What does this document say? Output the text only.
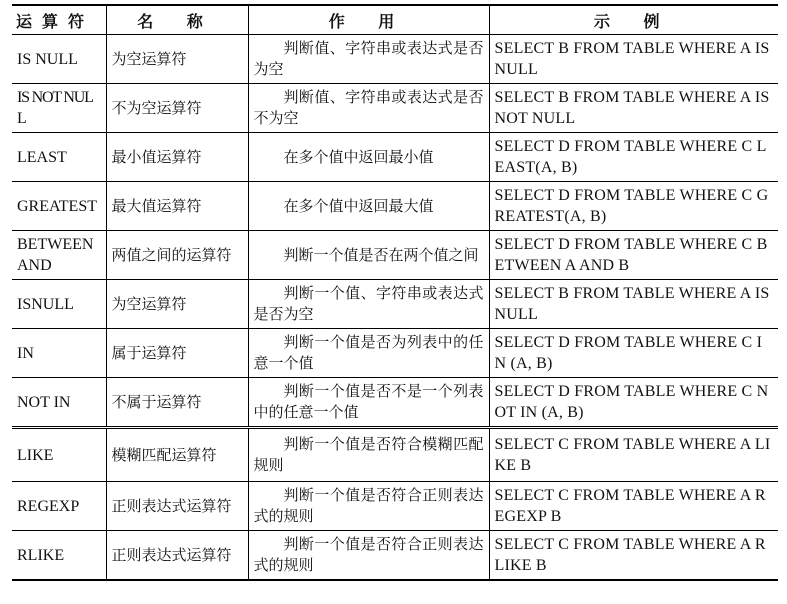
运算符	名 称	作 用	示 例
IS NULL	为空运算符	判断值、字符串或表达式是否为空	SELECT B FROM TABLE WHERE A IS NULL
IS NOT NULL	不为空运算符	判断值、字符串或表达式是否不为空	SELECT B FROM TABLE WHERE A IS NOT NULL
LEAST	最小值运算符	在多个值中返回最小值	SELECT D FROM TABLE WHERE C LEAST(A, B)
GREATEST	最大值运算符	在多个值中返回最大值	SELECT D FROM TABLE WHERE C GREATEST(A, B)
BETWEEN AND	两值之间的运算符	判断一个值是否在两个值之间	SELECT D FROM TABLE WHERE C BETWEEN A AND B
ISNULL	为空运算符	判断一个值、字符串或表达式是否为空	SELECT B FROM TABLE WHERE A ISNULL
IN	属于运算符	判断一个值是否为列表中的任意一个值	SELECT D FROM TABLE WHERE C IN (A, B)
NOT IN	不属于运算符	判断一个值是否不是一个列表中的任意一个值	SELECT D FROM TABLE WHERE C NOT IN (A, B)
LIKE	模糊匹配运算符	判断一个值是否符合模糊匹配规则	SELECT C FROM TABLE WHERE A LIKE B
REGEXP	正则表达式运算符	判断一个值是否符合正则表达式的规则	SELECT C FROM TABLE WHERE A REGEXP B
RLIKE	正则表达式运算符	判断一个值是否符合正则表达式的规则	SELECT C FROM TABLE WHERE A RLIKE B
